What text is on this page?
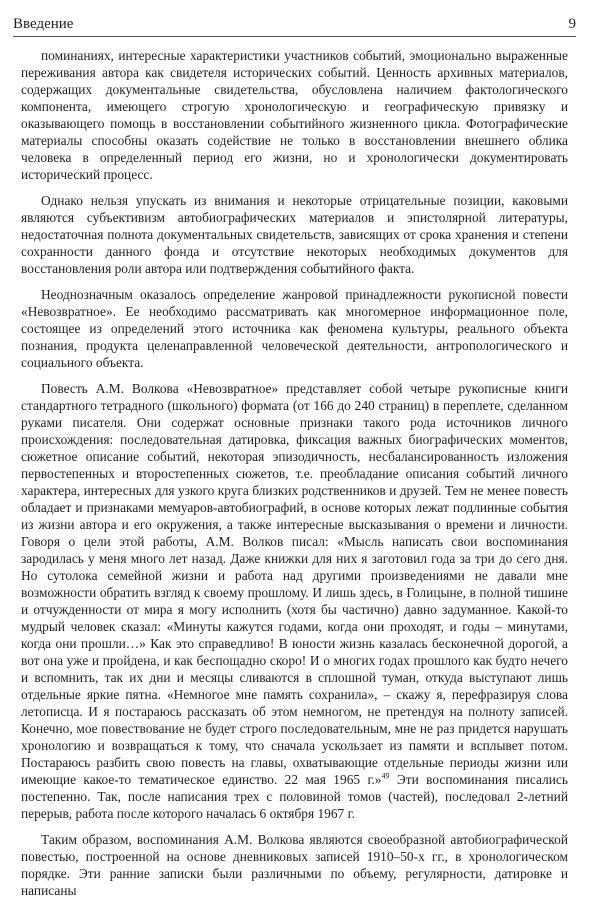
Введение	9

поминаниях, интересные характеристики участников событий, эмоционально выраженные переживания автора как свидетеля исторических событий. Ценность архивных материалов, содержащих документальные свидетельства, обусловлена наличием фактологического компонента, имеющего строгую хронологическую и географическую привязку и оказывающего помощь в восстановлении событийного жизненного цикла. Фотографические материалы способны оказать содействие не только в восстановлении внешнего облика человека в определенный период его жизни, но и хронологически документировать исторический процесс.

Однако нельзя упускать из внимания и некоторые отрицательные позиции, каковыми являются субъективизм автобиографических материалов и эпистолярной литературы, недостаточная полнота документальных свидетельств, зависящих от срока хранения и степени сохранности данного фонда и отсутствие некоторых необходимых документов для восстановления роли автора или подтверждения событийного факта.

Неоднозначным оказалось определение жанровой принадлежности рукописной повести «Невозвратное». Ее необходимо рассматривать как многомерное информационное поле, состоящее из определений этого источника как феномена культуры, реального объекта познания, продукта целенаправленной человеческой деятельности, антропологического и социального объекта.

Повесть А.М. Волкова «Невозвратное» представляет собой четыре рукописные книги стандартного тетрадного (школьного) формата (от 166 до 240 страниц) в переплете, сделанном руками писателя. Они содержат основные признаки такого рода источников личного происхождения: последовательная датировка, фиксация важных биографических моментов, сюжетное описание событий, некоторая эпизодичность, несбалансированность изложения первостепенных и второстепенных сюжетов, т.е. преобладание описания событий личного характера, интересных для узкого круга близких родственников и друзей. Тем не менее повесть обладает и признаками мемуаров-автобиографий, в основе которых лежат подлинные события из жизни автора и его окружения, а также интересные высказывания о времени и личности. Говоря о цели этой работы, А.М. Волков писал: «Мысль написать свои воспоминания зародилась у меня много лет назад. Даже книжки для них я заготовил года за три до сего дня. Но сутолока семейной жизни и работа над другими произведениями не давали мне возможности обратить взгляд к своему прошлому. И лишь здесь, в Голицыне, в полной тишине и отчужденности от мира я могу исполнить (хотя бы частично) давно задуманное. Какой-то мудрый человек сказал: «Минуты кажутся годами, когда они проходят, и годы – минутами, когда они прошли…» Как это справедливо! В юности жизнь казалась бесконечной дорогой, а вот она уже и пройдена, и как беспощадно скоро! И о многих годах прошлого как будто нечего и вспомнить, так их дни и месяцы сливаются в сплошной туман, откуда выступают лишь отдельные яркие пятна. «Немногое мне память сохранила», – скажу я, перефразируя слова летописца. И я постараюсь рассказать об этом немногом, не претендуя на полноту записей. Конечно, мое повествование не будет строго последовательным, мне не раз придется нарушать хронологию и возвращаться к тому, что сначала ускользает из памяти и всплывет потом. Постараюсь разбить свою повесть на главы, охватывающие отдельные периоды жизни или имеющие какое-то тематическое единство. 22 мая 1965 г.»$^{49}$ Эти воспоминания писались постепенно. Так, после написания трех с половиной томов (частей), последовал 2-летний перерыв, работа после которого началась 6 октября 1967 г.

Таким образом, воспоминания А.М. Волкова являются своеобразной автобиографической повестью, построенной на основе дневниковых записей 1910–50-х гг., в хронологическом порядке. Эти ранние записки были различными по объему, регулярности, датировке и написаны
